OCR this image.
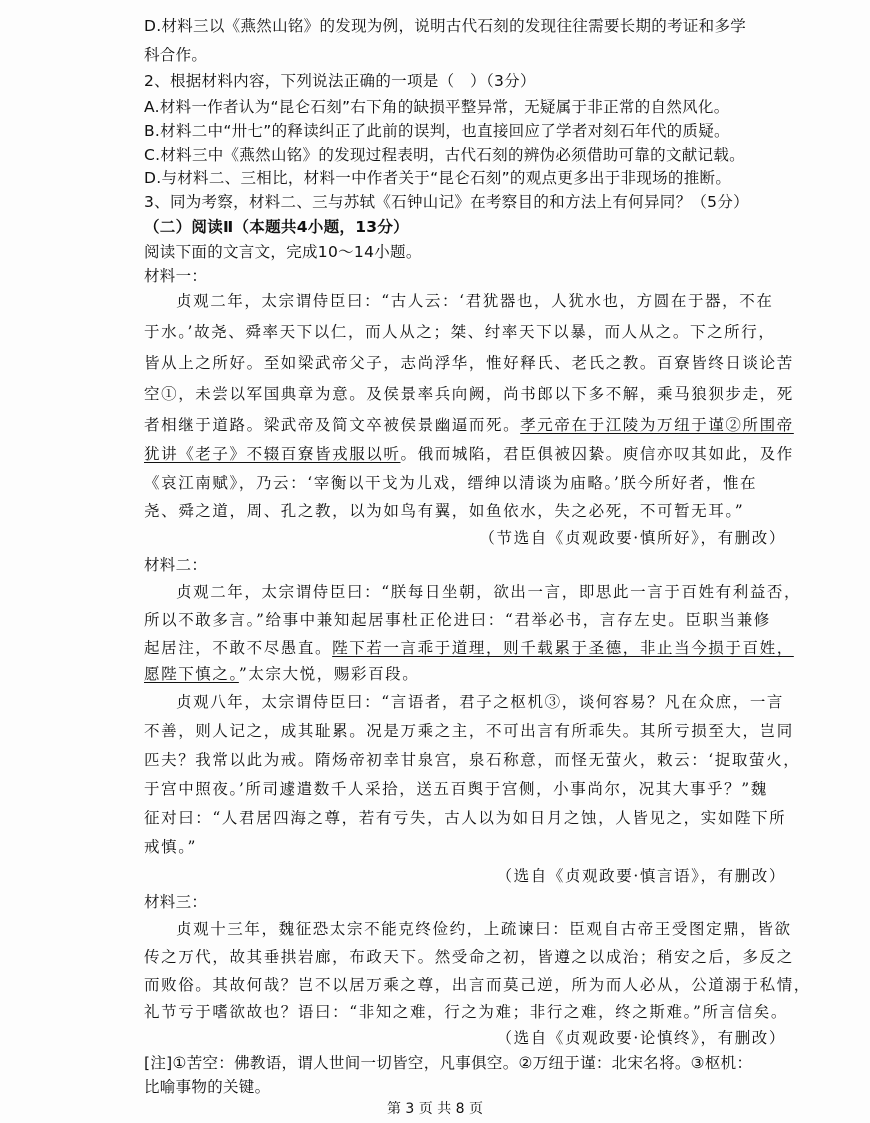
D.材料三以《燕然山铭》的发现为例，说明古代石刻的发现往往需要长期的考证和多学
科合作。
2、根据材料内容，下列说法正确的一项是（　）（3分）
A.材料一作者认为“昆仑石刻”右下角的缺损平整异常，无疑属于非正常的自然风化。
B.材料二中“卅七”的释读纠正了此前的误判，也直接回应了学者对刻石年代的质疑。
C.材料三中《燕然山铭》的发现过程表明，古代石刻的辨伪必须借助可靠的文献记载。
D.与材料二、三相比，材料一中作者关于“昆仑石刻”的观点更多出于非现场的推断。
3、同为考察，材料二、三与苏轼《石钟山记》在考察目的和方法上有何异同？（5分）
（二）阅读Ⅱ（本题共4小题，13分）
阅读下面的文言文，完成10～14小题。
材料一：
贞观二年，太宗谓侍臣曰：“古人云：‘君犹器也，人犹水也，方圆在于器，不在
于水。’故尧、舜率天下以仁，而人从之；桀、纣率天下以暴，而人从之。下之所行，
皆从上之所好。至如梁武帝父子，志尚浮华，惟好释氏、老氏之教。百寮皆终日谈论苦
空①，未尝以军国典章为意。及侯景率兵向阙，尚书郎以下多不解，乘马狼狈步走，死
者相继于道路。梁武帝及简文卒被侯景幽逼而死。孝元帝在于江陵为万纽于谨②所围帝
犹讲《老子》不辍百寮皆戎服以听。俄而城陷，君臣俱被囚絷。庾信亦叹其如此，及作
《哀江南赋》，乃云：‘宰衡以干戈为儿戏，缙绅以清谈为庙略。’朕今所好者，惟在
尧、舜之道，周、孔之教，以为如鸟有翼，如鱼依水，失之必死，不可暂无耳。”
（节选自《贞观政要·慎所好》，有删改）
材料二：
贞观二年，太宗谓侍臣曰：“朕每日坐朝，欲出一言，即思此一言于百姓有利益否，
所以不敢多言。”给事中兼知起居事杜正伦进曰：“君举必书，言存左史。臣职当兼修
起居注，不敢不尽愚直。陛下若一言乖于道理，则千载累于圣德，非止当今损于百姓，
愿陛下慎之。”太宗大悦，赐彩百段。
贞观八年，太宗谓侍臣曰：“言语者，君子之枢机③，谈何容易？凡在众庶，一言
不善，则人记之，成其耻累。况是万乘之主，不可出言有所乖失。其所亏损至大，岂同
匹夫？我常以此为戒。隋炀帝初幸甘泉宫，泉石称意，而怪无萤火，敕云：‘捉取萤火，
于宫中照夜。’所司遽遣数千人采拾，送五百舆于宫侧，小事尚尔，况其大事乎？”魏
征对曰：“人君居四海之尊，若有亏失，古人以为如日月之蚀，人皆见之，实如陛下所
戒慎。”
（选自《贞观政要·慎言语》，有删改）
材料三：
贞观十三年，魏征恐太宗不能克终俭约，上疏谏曰：臣观自古帝王受图定鼎，皆欲
传之万代，故其垂拱岩廊，布政天下。然受命之初，皆遵之以成治；稍安之后，多反之
而败俗。其故何哉？岂不以居万乘之尊，出言而莫己逆，所为而人必从，公道溺于私情，
礼节亏于嗜欲故也？语曰：“非知之难，行之为难；非行之难，终之斯难。”所言信矣。
（选自《贞观政要·论慎终》，有删改）
[注]①苦空：佛教语，谓人世间一切皆空，凡事俱空。②万纽于谨：北宋名将。③枢机：
比喻事物的关键。
第 3 页 共 8 页
